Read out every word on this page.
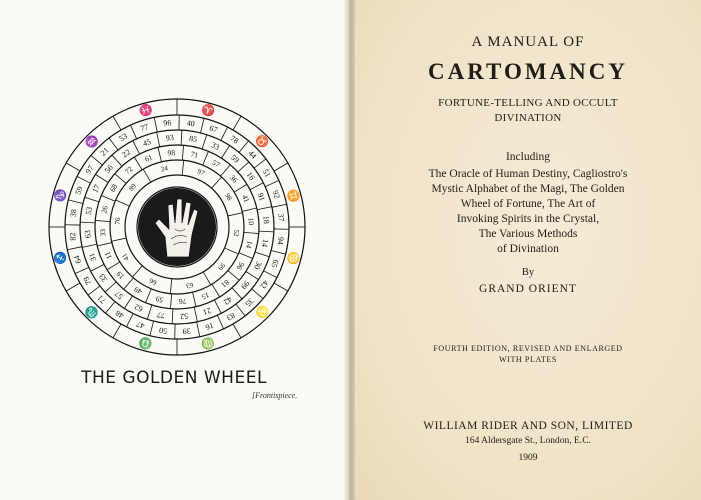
♈
♉
♊
♋
♌
♍
♎
♏
♐
♑
♒
♓
40
67
78
44
51
92
37
94
65
42
35
83
16
39
50
47
48
71
79
64
82
38
59
97
21
53
77 96
85
33
59
16
91
18
14
30
99
42
21
52
77
62
57
33
31
63
53
17
56
22
45 93
71
57
36
41
10
14
96
81
15
76
59
49
19
11
33
26
68
72
61 98
97
98
52
99
63
66
41
76
89
24
THE GOLDEN WHEEL
[Frontispiece.
A MANUAL OF
CARTOMANCY
FORTUNE-TELLING AND OCCULT
DIVINATION
Including
The Oracle of Human Destiny, Cagliostro's
Mystic Alphabet of the Magi, The Golden
Wheel of Fortune, The Art of
Invoking Spirits in the Crystal,
The Various Methods
of Divination
By
GRAND ORIENT
FOURTH EDITION, REVISED AND ENLARGED
WITH PLATES
WILLIAM RIDER AND SON, LIMITED
164 Aldersgate St., London, E.C.
1909
